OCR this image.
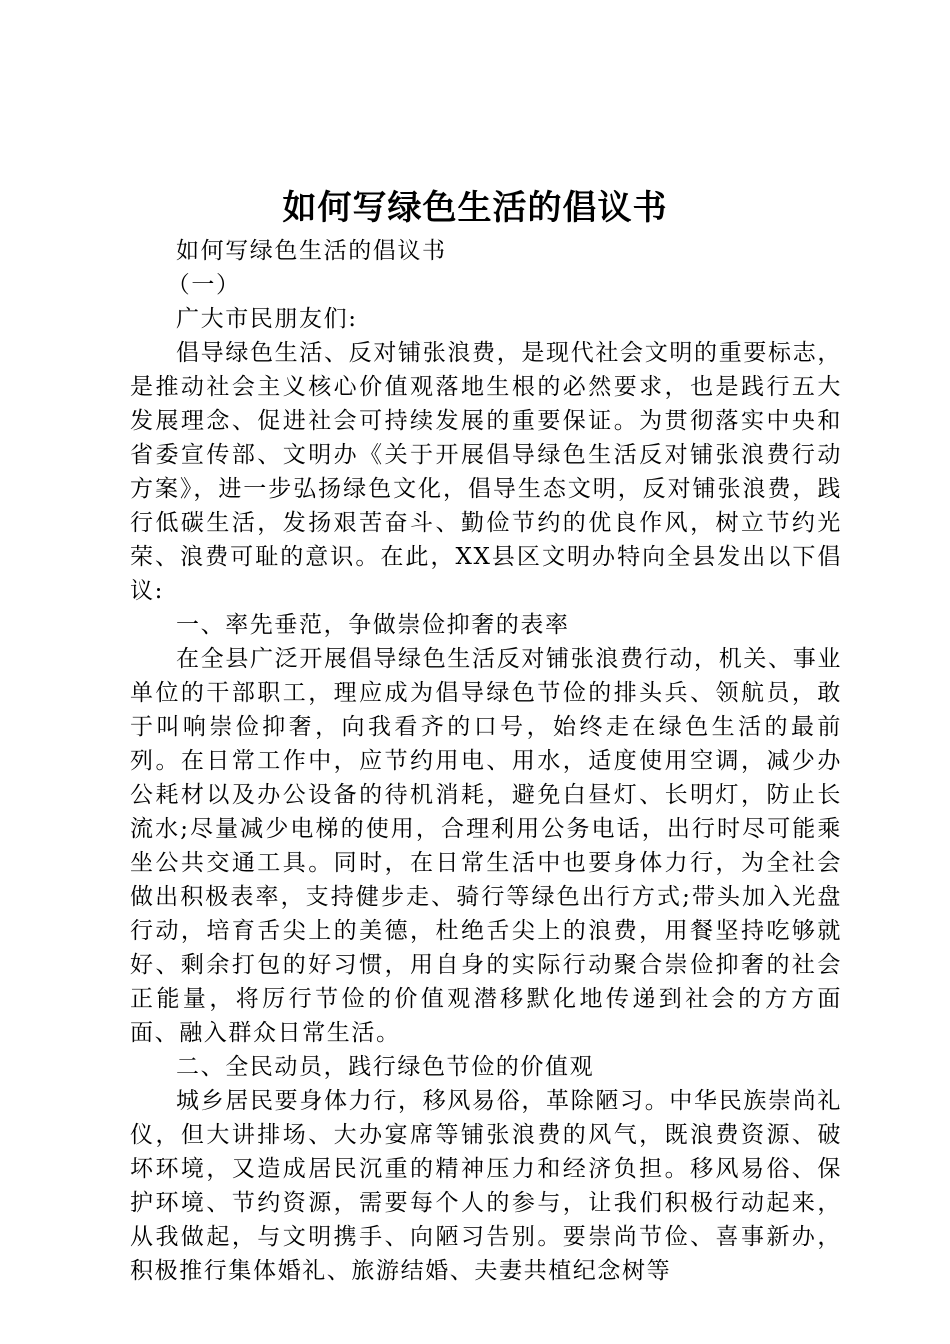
如何写绿色生活的倡议书

如何写绿色生活的倡议书

（一）

广大市民朋友们:

倡导绿色生活、反对铺张浪费，是现代社会文明的重要标志，是推动社会主义核心价值观落地生根的必然要求，也是践行五大发展理念、促进社会可持续发展的重要保证。为贯彻落实中央和省委宣传部、文明办《关于开展倡导绿色生活反对铺张浪费行动方案》，进一步弘扬绿色文化，倡导生态文明，反对铺张浪费，践行低碳生活，发扬艰苦奋斗、勤俭节约的优良作风，树立节约光荣、浪费可耻的意识。在此，XX县区文明办特向全县发出以下倡议:

一、率先垂范，争做崇俭抑奢的表率

在全县广泛开展倡导绿色生活反对铺张浪费行动，机关、事业单位的干部职工，理应成为倡导绿色节俭的排头兵、领航员，敢于叫响崇俭抑奢，向我看齐的口号，始终走在绿色生活的最前列。在日常工作中，应节约用电、用水，适度使用空调，减少办公耗材以及办公设备的待机消耗，避免白昼灯、长明灯，防止长流水;尽量减少电梯的使用，合理利用公务电话，出行时尽可能乘坐公共交通工具。同时，在日常生活中也要身体力行，为全社会做出积极表率，支持健步走、骑行等绿色出行方式;带头加入光盘行动，培育舌尖上的美德，杜绝舌尖上的浪费，用餐坚持吃够就好、剩余打包的好习惯，用自身的实际行动聚合崇俭抑奢的社会正能量，将厉行节俭的价值观潜移默化地传递到社会的方方面面、融入群众日常生活。

二、全民动员，践行绿色节俭的价值观

城乡居民要身体力行，移风易俗，革除陋习。中华民族崇尚礼仪，但大讲排场、大办宴席等铺张浪费的风气，既浪费资源、破坏环境，又造成居民沉重的精神压力和经济负担。移风易俗、保护环境、节约资源，需要每个人的参与，让我们积极行动起来，从我做起，与文明携手、向陋习告别。要崇尚节俭、喜事新办，积极推行集体婚礼、旅游结婚、夫妻共植纪念树等
